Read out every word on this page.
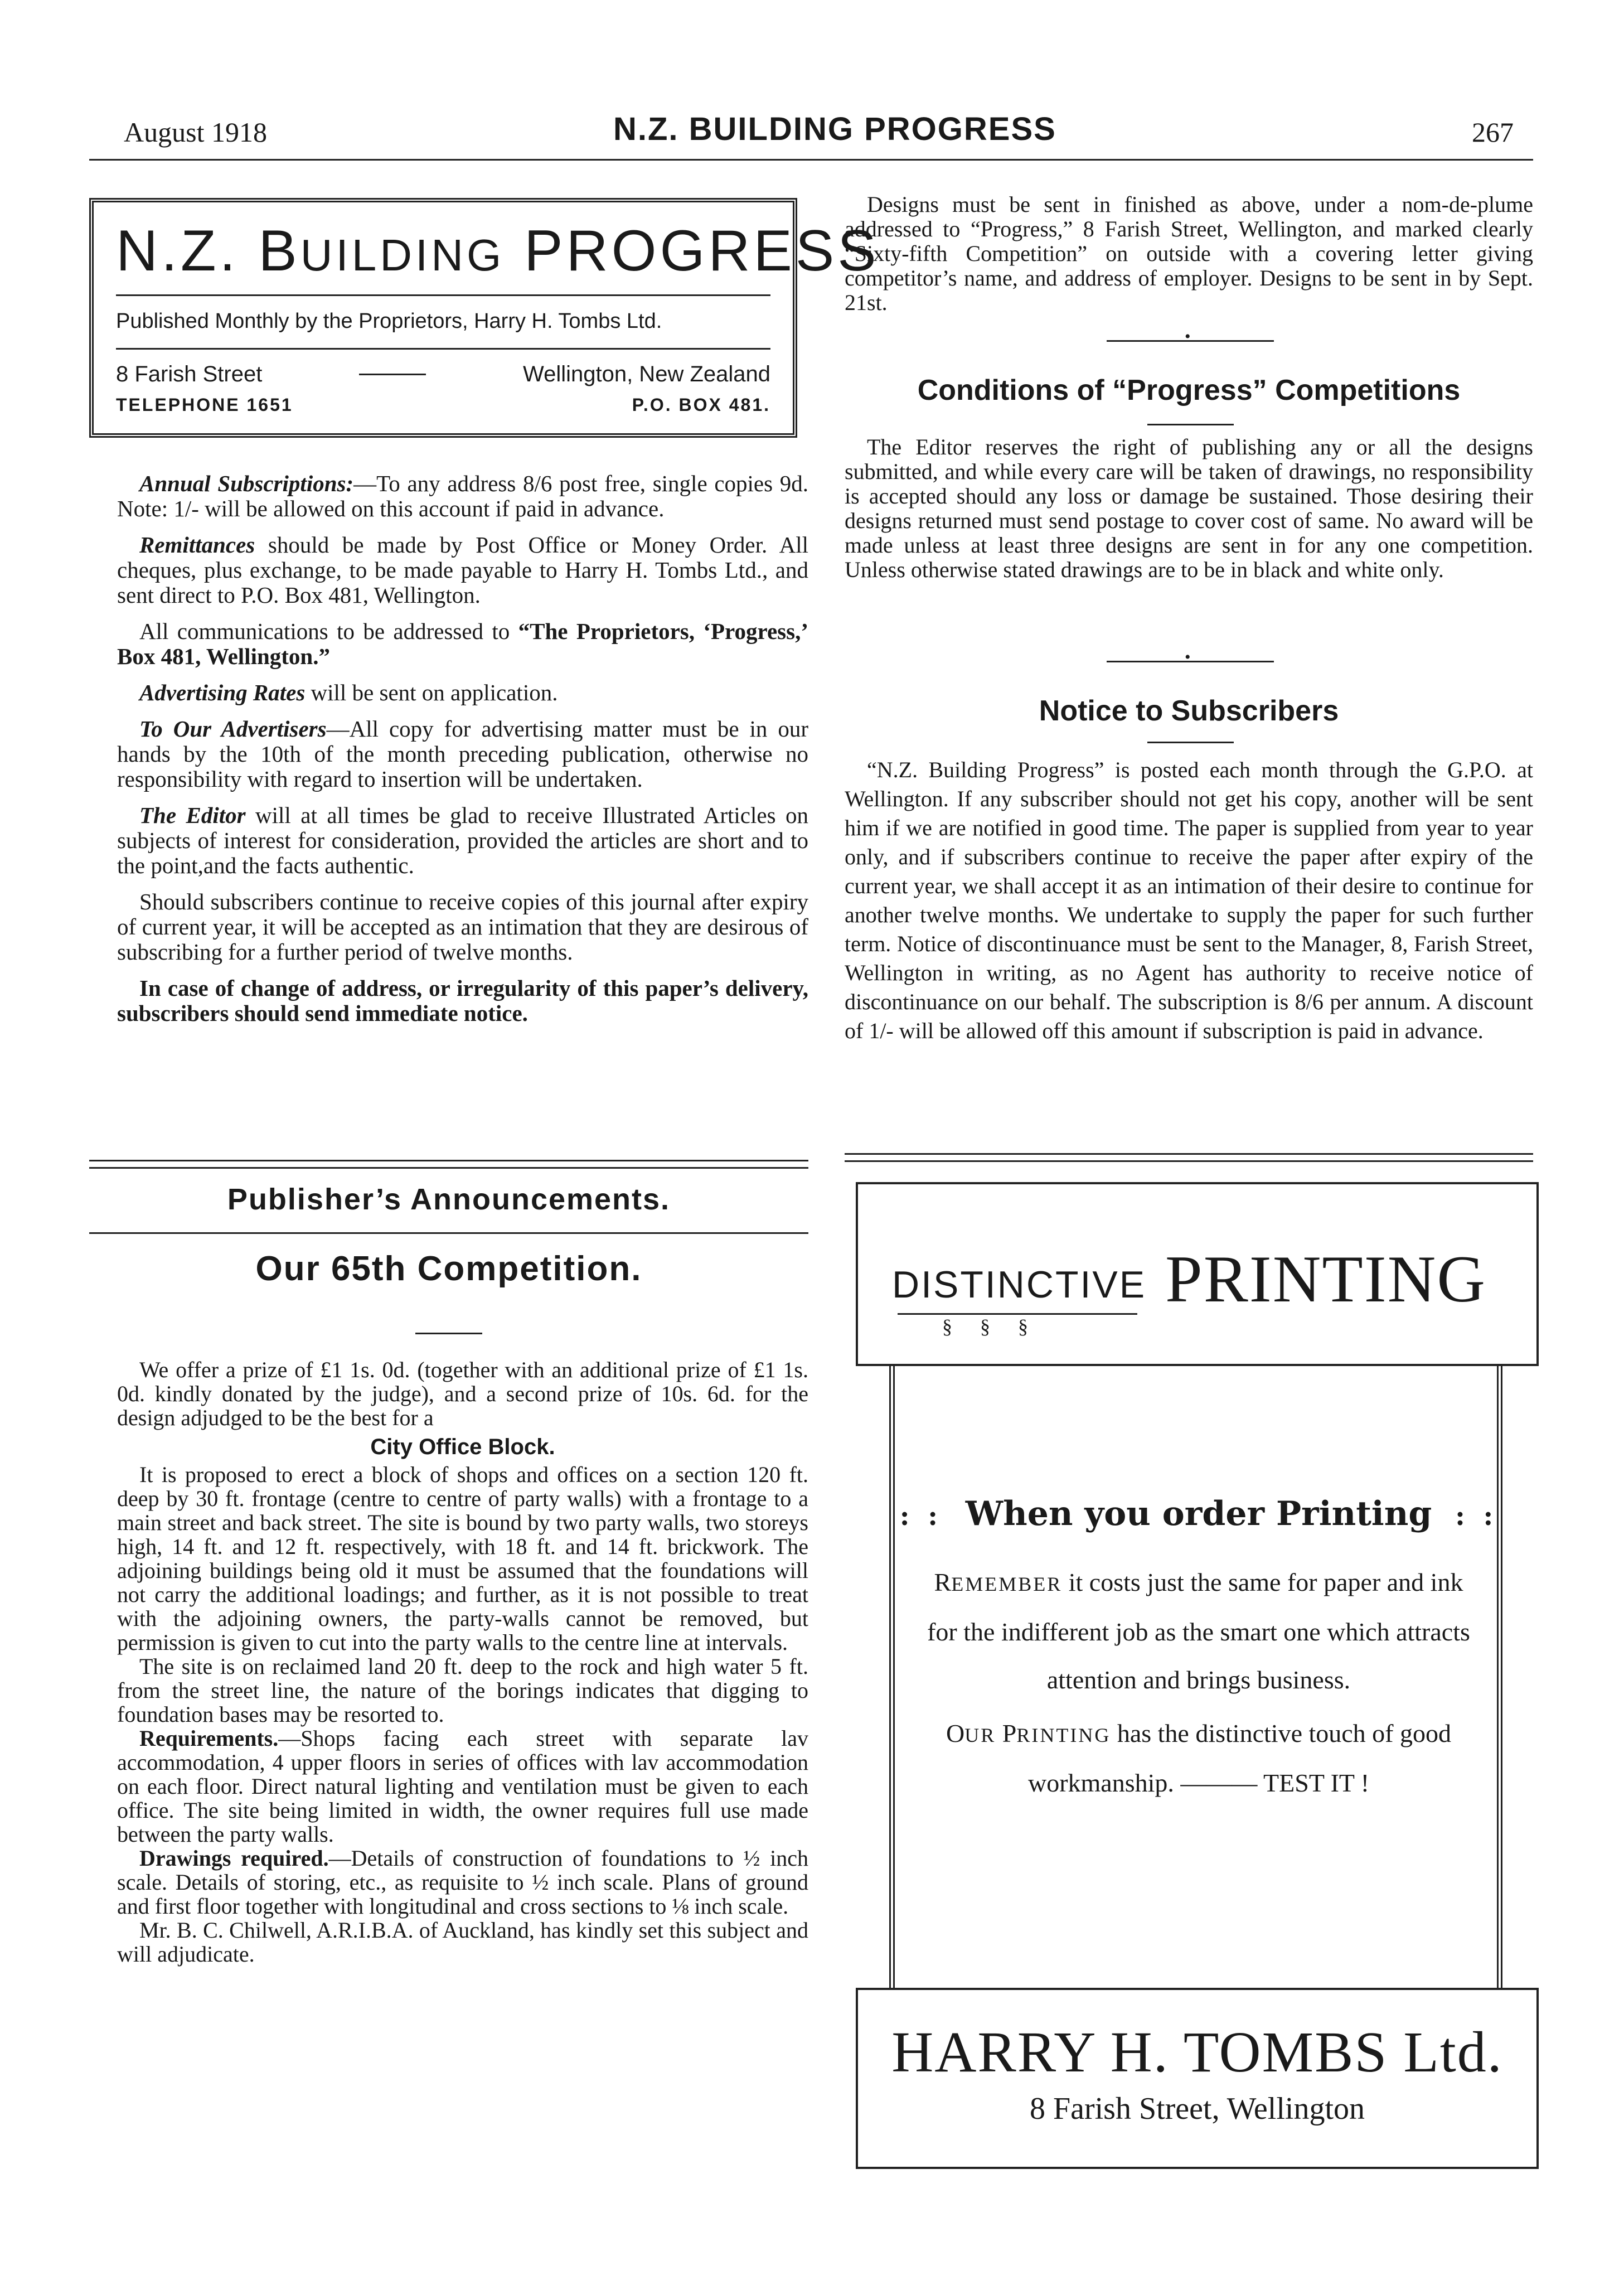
August 1918	N.Z. BUILDING PROGRESS	267
N.Z. BUILDING PROGRESS
Published Monthly by the Proprietors, Harry H. Tombs Ltd.
8 Farish Street	Wellington, New Zealand
TELEPHONE 1651	P.O. BOX 481.

Annual Subscriptions:—To any address 8/6 post free, single copies 9d. Note: 1/- will be allowed on this account if paid in advance.

Remittances should be made by Post Office or Money Order. All cheques, plus exchange, to be made payable to Harry H. Tombs Ltd., and sent direct to P.O. Box 481, Wellington.

All communications to be addressed to “The Proprietors, ‘Progress,’ Box 481, Wellington.”

Advertising Rates will be sent on application.

To Our Advertisers—All copy for advertising matter must be in our hands by the 10th of the month preceding publication, otherwise no responsibility with regard to insertion will be undertaken.

The Editor will at all times be glad to receive Illustrated Articles on subjects of interest for consideration, provided the articles are short and to the point,and the facts authentic.

Should subscribers continue to receive copies of this journal after expiry of current year, it will be accepted as an intimation that they are desirous of subscribing for a further period of twelve months.

In case of change of address, or irregularity of this paper’s delivery, subscribers should send immediate notice.

Publisher’s Announcements.
Our 65th Competition.

We offer a prize of £1 1s. 0d. (together with an additional prize of £1 1s. 0d. kindly donated by the judge), and a second prize of 10s. 6d. for the design adjudged to be the best for a

City Office Block.

It is proposed to erect a block of shops and offices on a section 120 ft. deep by 30 ft. frontage (centre to centre of party walls) with a frontage to a main street and back street. The site is bound by two party walls, two storeys high, 14 ft. and 12 ft. respectively, with 18 ft. and 14 ft. brickwork. The adjoining buildings being old it must be assumed that the foundations will not carry the additional loadings; and further, as it is not possible to treat with the adjoining owners, the party-walls cannot be removed, but permission is given to cut into the party walls to the centre line at intervals.

The site is on reclaimed land 20 ft. deep to the rock and high water 5 ft. from the street line, the nature of the borings indicates that digging to foundation bases may be resorted to.

Requirements.—Shops facing each street with separate lav accommodation, 4 upper floors in series of offices with lav accommodation on each floor. Direct natural lighting and ventilation must be given to each office. The site being limited in width, the owner requires full use made between the party walls.

Drawings required.—Details of construction of foundations to ½ inch scale. Details of storing, etc., as requisite to ½ inch scale. Plans of ground and first floor together with longitudinal and cross sections to ⅛ inch scale.

Mr. B. C. Chilwell, A.R.I.B.A. of Auckland, has kindly set this subject and will adjudicate.

Designs must be sent in finished as above, under a nom-de-plume addressed to “Progress,” 8 Farish Street, Wellington, and marked clearly “Sixty-fifth Competition” on outside with a covering letter giving competitor’s name, and address of employer. Designs to be sent in by Sept. 21st.

•
Conditions of “Progress” Competitions

The Editor reserves the right of publishing any or all the designs submitted, and while every care will be taken of drawings, no responsibility is accepted should any loss or damage be sustained. Those desiring their designs returned must send postage to cover cost of same. No award will be made unless at least three designs are sent in for any one competition. Unless otherwise stated drawings are to be in black and white only.

•
Notice to Subscribers

“N.Z. Building Progress” is posted each month through the G.P.O. at Wellington. If any subscriber should not get his copy, another will be sent him if we are notified in good time. The paper is supplied from year to year only, and if subscribers continue to receive the paper after expiry of the current year, we shall accept it as an intimation of their desire to continue for another twelve months. We undertake to supply the paper for such further term. Notice of discontinuance must be sent to the Manager, 8, Farish Street, Wellington in writing, as no Agent has authority to receive notice of discontinuance on our behalf. The subscription is 8/6 per annum. A discount of 1/- will be allowed off this amount if subscription is paid in advance.

DISTINCTIVE
§§§
PRINTING
: : When you order Printing : :

REMEMBER it costs just the same for paper and ink for the indifferent job as the smart one which attracts attention and brings business.

OUR PRINTING has the distinctive touch of good workmanship. ——— TEST IT !

HARRY H. TOMBS Ltd.
8 Farish Street, Wellington
